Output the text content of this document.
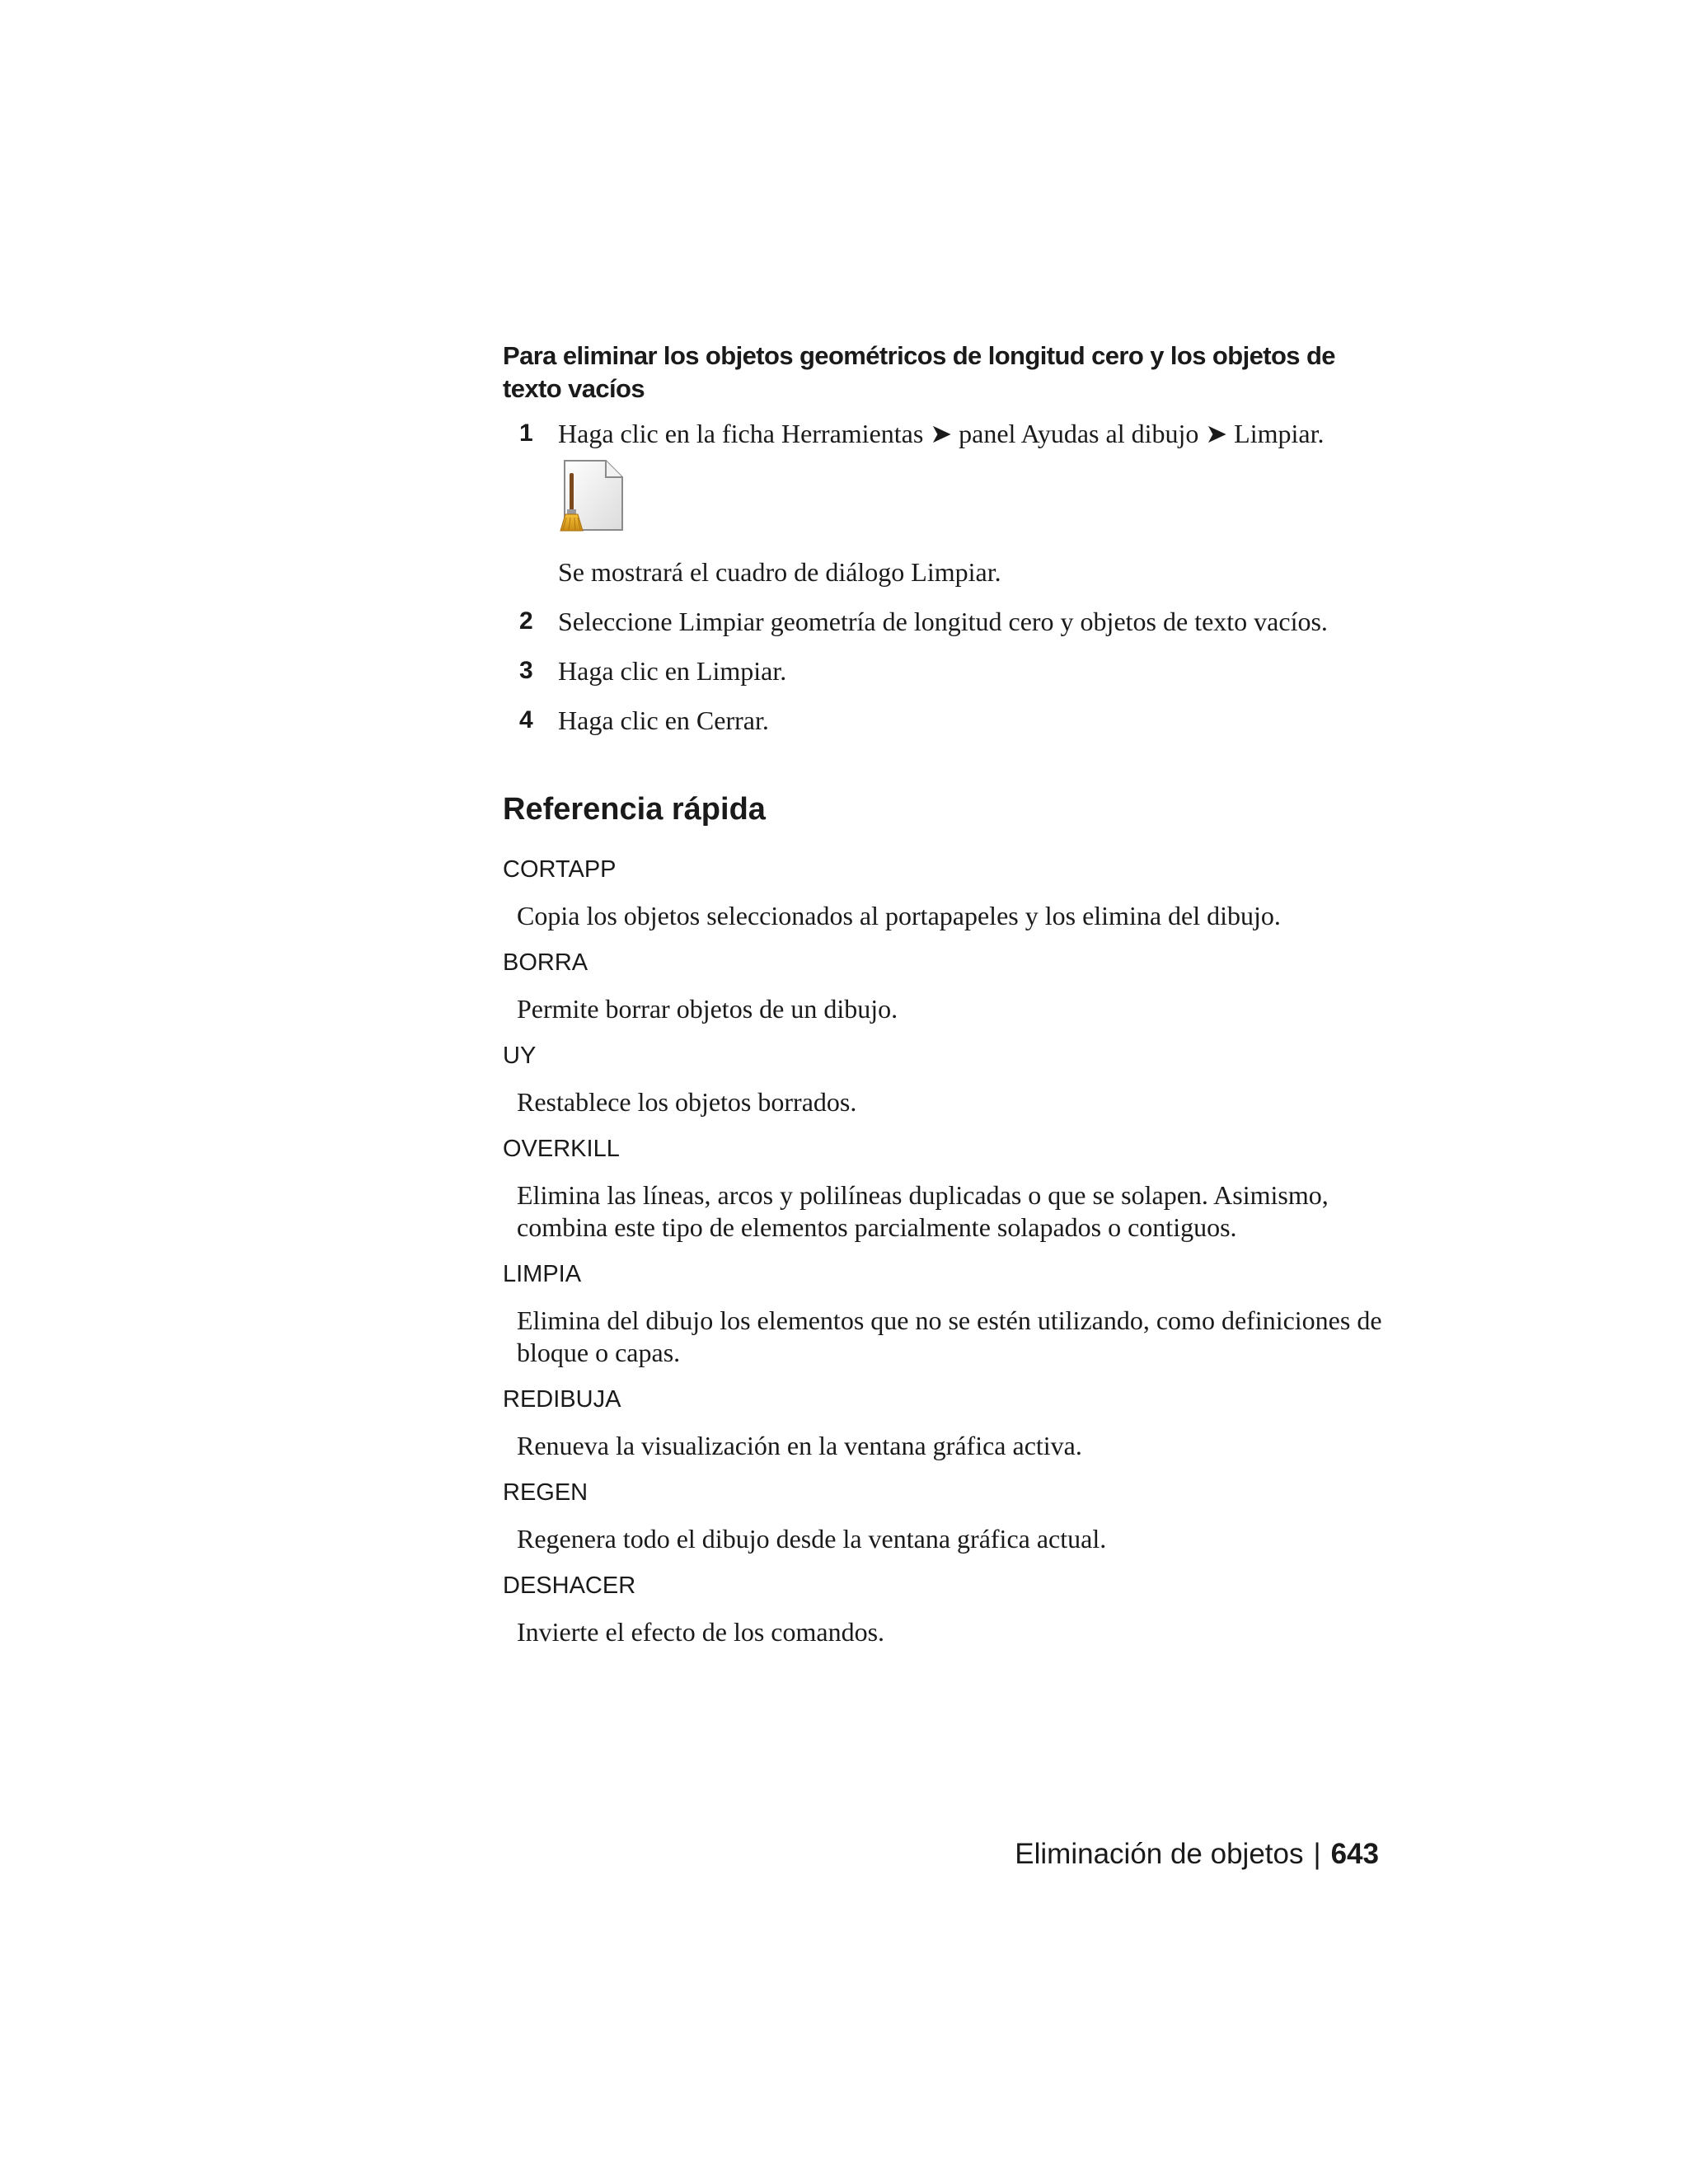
Para eliminar los objetos geométricos de longitud cero y los objetos de texto vacíos
1 Haga clic en la ficha Herramientas ➤ panel Ayudas al dibujo ➤ Limpiar.
Se mostrará el cuadro de diálogo Limpiar.
2 Seleccione Limpiar geometría de longitud cero y objetos de texto vacíos.
3 Haga clic en Limpiar.
4 Haga clic en Cerrar.
Referencia rápida
CORTAPP
Copia los objetos seleccionados al portapapeles y los elimina del dibujo.
BORRA
Permite borrar objetos de un dibujo.
UY
Restablece los objetos borrados.
OVERKILL
Elimina las líneas, arcos y polilíneas duplicadas o que se solapen. Asimismo, combina este tipo de elementos parcialmente solapados o contiguos.
LIMPIA
Elimina del dibujo los elementos que no se estén utilizando, como definiciones de bloque o capas.
REDIBUJA
Renueva la visualización en la ventana gráfica activa.
REGEN
Regenera todo el dibujo desde la ventana gráfica actual.
DESHACER
Invierte el efecto de los comandos.
Eliminación de objetos | 643
